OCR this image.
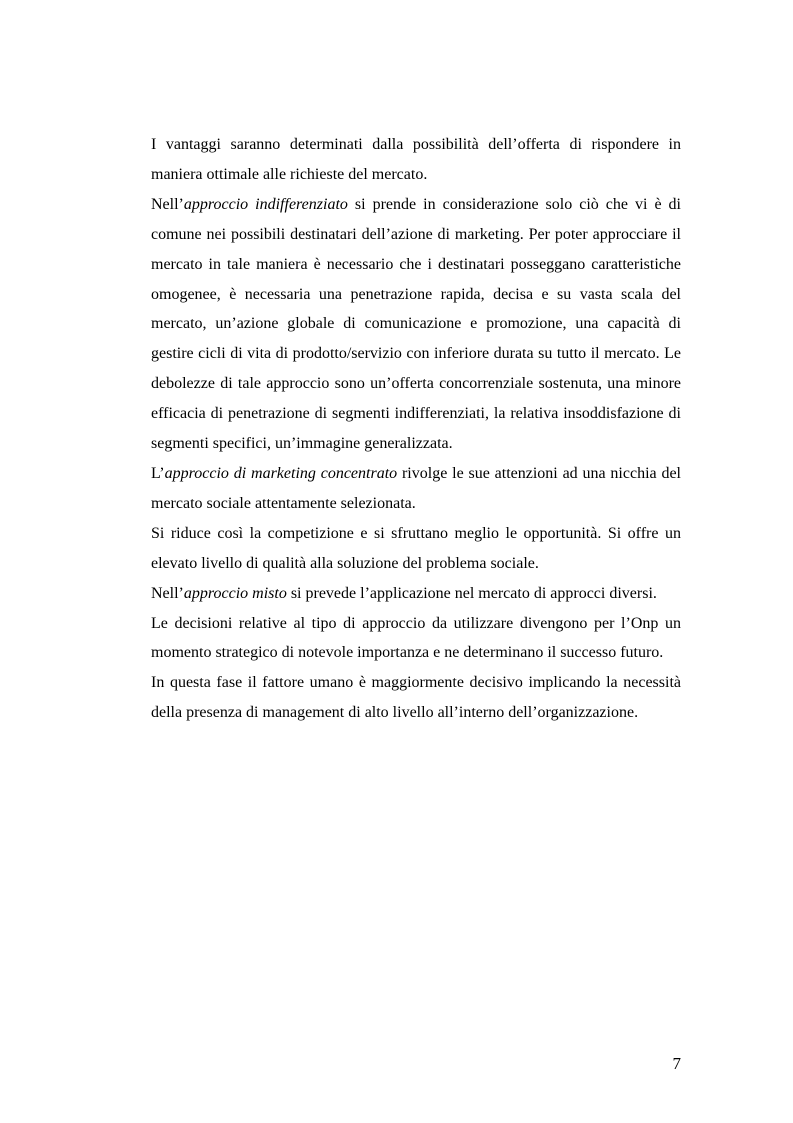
I vantaggi saranno determinati dalla possibilità dell’offerta di rispondere in maniera ottimale alle richieste del mercato.

Nell’approccio indifferenziato si prende in considerazione solo ciò che vi è di comune nei possibili destinatari dell’azione di marketing. Per poter approcciare il mercato in tale maniera è necessario che i destinatari posseggano caratteristiche omogenee, è necessaria una penetrazione rapida, decisa e su vasta scala del mercato, un’azione globale di comunicazione e promozione, una capacità di gestire cicli di vita di prodotto/servizio con inferiore durata su tutto il mercato. Le debolezze di tale approccio sono un’offerta concorrenziale sostenuta, una minore efficacia di penetrazione di segmenti indifferenziati, la relativa insoddisfazione di segmenti specifici, un’immagine generalizzata.

L’approccio di marketing concentrato rivolge le sue attenzioni ad una nicchia del mercato sociale attentamente selezionata.

Si riduce così la competizione e si sfruttano meglio le opportunità. Si offre un elevato livello di qualità alla soluzione del problema sociale.

Nell’approccio misto si prevede l’applicazione nel mercato di approcci diversi.

Le decisioni relative al tipo di approccio da utilizzare divengono per l’Onp un momento strategico di notevole importanza e ne determinano il successo futuro.

In questa fase il fattore umano è maggiormente decisivo implicando la necessità della presenza di management di alto livello all’interno dell’organizzazione.

7
